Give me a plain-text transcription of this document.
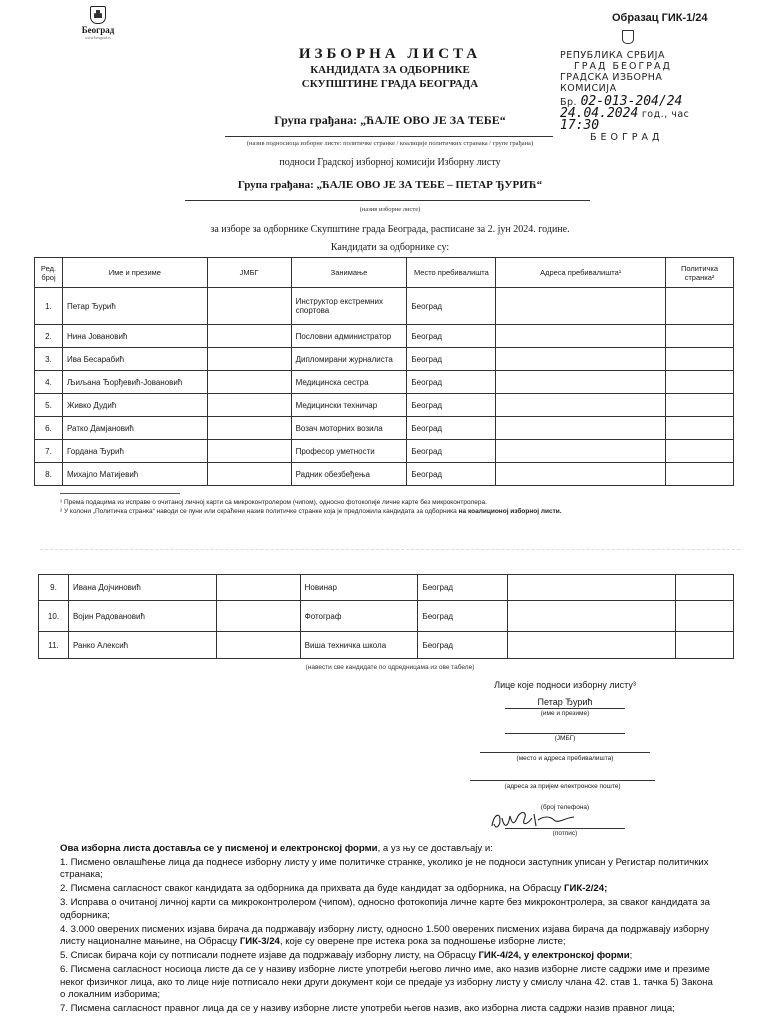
Београд
www.beograd.rs
Образац ГИК-1/24
РЕПУБЛИКА СРБИЈА
ГРАД БЕОГРАД
ГРАДСКА ИЗБОРНА КОМИСИЈА
Бр. 02-013-204/24
24.04.2024 год., час 17:30
БЕОГРАД
ИЗБОРНА ЛИСТА
КАНДИДАТА ЗА ОДБОРНИКЕ
СКУПШТИНЕ ГРАДА БЕОГРАДА
Група грађана: „ЋАЛЕ ОВО ЈЕ ЗА ТЕБЕ“
(назив подносиоца изборне листе: политичке странке / коалиције политичких странака / групе грађана)
подноси Градској изборној комисији Изборну листу
Група грађана: „ЋАЛЕ ОВО ЈЕ ЗА ТЕБЕ – ПЕТАР ЂУРИЋ“
(назив изборне листе)
за изборе за одборнике Скупштине града Београда, расписане за 2. јун 2024. године.
Кандидати за одборнике су:
Ред. број	Име и презиме	ЈМБГ	Занимање	Место пребивалишта	Адреса пребивалишта¹	Политичка странка²
1.	Петар Ђурић		Инструктор екстремних спортова	Београд		
2.	Нина Јовановић		Пословни администратор	Београд		
3.	Ива Бесарабић		Дипломирани журналиста	Београд		
4.	Љиљана Ђорђевић-Јовановић		Медицинска сестра	Београд		
5.	Живко Дудић		Медицински техничар	Београд		
6.	Ратко Дамјановић		Возач моторних возила	Београд		
7.	Гордана Ђурић		Професор уметности	Београд		
8.	Михајло Матијевић		Радник обезбеђења	Београд		
¹ Према подацима из исправе о очитаној личној карти са микроконтролером (чипом), односно фотокопије личне карте без микроконтролера.
² У колони „Политичка странка“ наводи се пуни или скраћени назив политичке странке која је предложила кандидата за одборника на коалиционој изборној листи.
9.	Ивана Дојчиновић		Новинар	Београд		
10.	Војин Радовановић		Фотограф	Београд		
11.	Ранко Алексић		Виша техничка школа	Београд		
(навести све кандидате по одредницама из ове табеле)
Лице које подноси изборну листу³
Петар Ђурић
(име и презиме)
(ЈМБГ)
(место и адреса пребивалишта)
(адреса за пријем електронске поште)
(број телефона)
(потпис)

Ова изборна листа доставља се у писменој и електронској форми, а уз њу се достављају и:

1. Писмено овлашћење лица да поднесе изборну листу у име политичке странке, уколико је не подноси заступник уписан у Регистар политичких странака;

2. Писмена сагласност сваког кандидата за одборника да прихвата да буде кандидат за одборника, на Обрасцу ГИК-2/24;

3. Исправа о очитаној личној карти са микроконтролером (чипом), односно фотокопија личне карте без микроконтролера, за сваког кандидата за одборника;

4. 3.000 оверених писмених изјава бирача да подржавају изборну листу, односно 1.500 оверених писмених изјава бирача да подржавају изборну листу националне мањине, на Обрасцу ГИК-3/24, које су оверене пре истека рока за подношење изборне листе;

5. Списак бирача који су потписали поднете изјаве да подржавају изборну листу, на Обрасцу ГИК-4/24, у електронској форми;

6. Писмена сагласност носиоца листе да се у називу изборне листе употреби његово лично име, ако назив изборне листе садржи име и презиме неког физичког лица, ако то лице није потписало неки други документ који се предаје уз изборну листу у смислу члана 42. став 1. тачка 5) Закона о локалним изборима;

7. Писмена сагласност правног лица да се у називу изборне листе употреби његов назив, ако изборна листа садржи назив правног лица;
